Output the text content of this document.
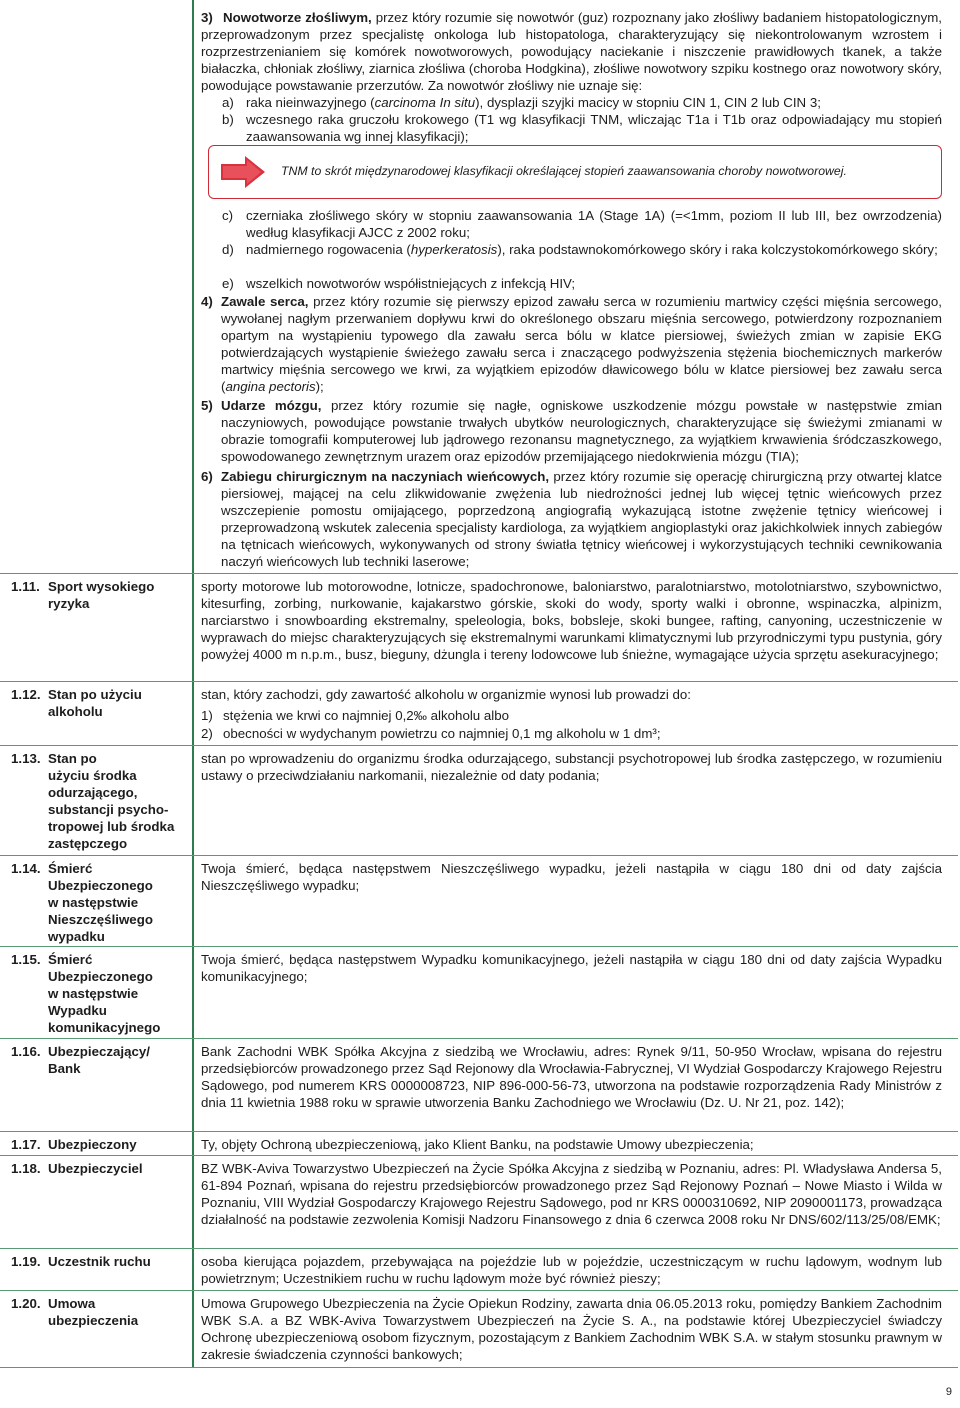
3) Nowotworze złośliwym, przez który rozumie się nowotwór (guz) rozpoznany jako złośliwy badaniem histopatologicznym, przeprowadzonym przez specjalistę onkologa lub histopatologa, charakteryzujący się niekontrolowanym wzrostem i rozprzestrzenianiem się komórek nowotworowych, powodujący naciekanie i niszczenie prawidłowych tkanek, a także białaczka, chłoniak złośliwy, ziarnica złośliwa (choroba Hodgkina), złośliwe nowotwory szpiku kostnego oraz nowotwory skóry, powodujące powstawanie przerzutów. Za nowotwór złośliwy nie uznaje się:

a) raka nieinwazyjnego (carcinoma In situ), dysplazji szyjki macicy w stopniu CIN 1, CIN 2 lub CIN 3;
b) wczesnego raka gruczołu krokowego (T1 wg klasyfikacji TNM, wliczając T1a i T1b oraz odpowiadający mu stopień zaawansowania wg innej klasyfikacji);
TNM to skrót międzynarodowej klasyfikacji określającej stopień zaawansowania choroby nowotworowej.
c) czerniaka złośliwego skóry w stopniu zaawansowania 1A (Stage 1A) (=<1mm, poziom II lub III, bez owrzodzenia) według klasyfikacji AJCC z 2002 roku;
d) nadmiernego rogowacenia (hyperkeratosis), raka podstawnokomórkowego skóry i raka kolczystokomórkowego skóry;
e) wszelkich nowotworów współistniejących z infekcją HIV;
4) Zawale serca, przez który rozumie się pierwszy epizod zawału serca w rozumieniu martwicy części mięśnia sercowego, wywołanej nagłym przerwaniem dopływu krwi do określonego obszaru mięśnia sercowego, potwierdzony rozpoznaniem opartym na wystąpieniu typowego dla zawału serca bólu w klatce piersiowej, świeżych zmian w zapisie EKG potwierdzających wystąpienie świeżego zawału serca i znaczącego podwyższenia stężenia biochemicznych markerów martwicy mięśnia sercowego we krwi, za wyjątkiem epizodów dławicowego bólu w klatce piersiowej bez zawału serca (angina pectoris);
5) Udarze mózgu, przez który rozumie się nagłe, ogniskowe uszkodzenie mózgu powstałe w następstwie zmian naczyniowych, powodujące powstanie trwałych ubytków neurologicznych, charakteryzujące się świeżymi zmianami w obrazie tomografii komputerowej lub jądrowego rezonansu magnetycznego, za wyjątkiem krwawienia śródczaszkowego, spowodowanego zewnętrznym urazem oraz epizodów przemijającego niedokrwienia mózgu (TIA);
6) Zabiegu chirurgicznym na naczyniach wieńcowych, przez który rozumie się operację chirurgiczną przy otwartej klatce piersiowej, mającej na celu zlikwidowanie zwężenia lub niedrożności jednej lub więcej tętnic wieńcowych przez wszczepienie pomostu omijającego, poprzedzoną angiografią wykazującą istotne zwężenie tętnicy wieńcowej i przeprowadzoną wskutek zalecenia specjalisty kardiologa, za wyjątkiem angioplastyki oraz jakichkolwiek innych zabiegów na tętnicach wieńcowych, wykonywanych od strony światła tętnicy wieńcowej i wykorzystujących techniki cewnikowania naczyń wieńcowych lub techniki laserowe;
1.11. Sport wysokiego
ryzyka

sporty motorowe lub motorowodne, lotnicze, spadochronowe, baloniarstwo, paralotniarstwo, motolotniarstwo, szybownictwo, kitesurfing, zorbing, nurkowanie, kajakarstwo górskie, skoki do wody, sporty walki i obronne, wspinaczka, alpinizm, narciarstwo i snowboarding ekstremalny, speleologia, boks, bobsleje, skoki bungee, rafting, canyoning, uczestniczenie w wyprawach do miejsc charakteryzujących się ekstremalnymi warunkami klimatycznymi lub przyrodniczymi typu pustynia, góry powyżej 4000 m n.p.m., busz, bieguny, dżungla i tereny lodowcowe lub śnieżne, wymagające użycia sprzętu asekuracyjnego;

1.12. Stan po użyciu
alkoholu

stan, który zachodzi, gdy zawartość alkoholu w organizmie wynosi lub prowadzi do:

1) stężenia we krwi co najmniej 0,2‰ alkoholu albo
2) obecności w wydychanym powietrzu co najmniej 0,1 mg alkoholu w 1 dm³;
1.13. Stan po
użyciu środka
odurzającego,
substancji psycho-
tropowej lub środka
zastępczego

stan po wprowadzeniu do organizmu środka odurzającego, substancji psychotropowej lub środka zastępczego, w rozumieniu ustawy o przeciwdziałaniu narkomanii, niezależnie od daty podania;

1.14. Śmierć
Ubezpieczonego
w następstwie
Nieszczęśliwego
wypadku

Twoja śmierć, będąca następstwem Nieszczęśliwego wypadku, jeżeli nastąpiła w ciągu 180 dni od daty zajścia Nieszczęśliwego wypadku;

1.15. Śmierć
Ubezpieczonego
w następstwie
Wypadku
komunikacyjnego

Twoja śmierć, będąca następstwem Wypadku komunikacyjnego, jeżeli nastąpiła w ciągu 180 dni od daty zajścia Wypadku komunikacyjnego;

1.16. Ubezpieczający/
Bank

Bank Zachodni WBK Spółka Akcyjna z siedzibą we Wrocławiu, adres: Rynek 9/11, 50-950 Wrocław, wpisana do rejestru przedsiębiorców prowadzonego przez Sąd Rejonowy dla Wrocławia-Fabrycznej, VI Wydział Gospodarczy Krajowego Rejestru Sądowego, pod numerem KRS 0000008723, NIP 896-000-56-73, utworzona na podstawie rozporządzenia Rady Ministrów z dnia 11 kwietnia 1988 roku w sprawie utworzenia Banku Zachodniego we Wrocławiu (Dz. U. Nr 21, poz. 142);

1.17. Ubezpieczony	Ty, objęty Ochroną ubezpieczeniową, jako Klient Banku, na podstawie Umowy ubezpieczenia;

1.18. Ubezpieczyciel	BZ WBK-Aviva Towarzystwo Ubezpieczeń na Życie Spółka Akcyjna z siedzibą w Poznaniu, adres: Pl. Władysława Andersa 5, 61-894 Poznań, wpisana do rejestru przedsiębiorców prowadzonego przez Sąd Rejonowy Poznań – Nowe Miasto i Wilda w Poznaniu, VIII Wydział Gospodarczy Krajowego Rejestru Sądowego, pod nr KRS 0000310692, NIP 2090001173, prowadząca działalność na podstawie zezwolenia Komisji Nadzoru Finansowego z dnia 6 czerwca 2008 roku Nr DNS/602/113/25/08/EMK;

1.19. Uczestnik ruchu	osoba kierująca pojazdem, przebywająca na pojeździe lub w pojeździe, uczestniczącym w ruchu lądowym, wodnym lub powietrznym; Uczestnikiem ruchu w ruchu lądowym może być również pieszy;

1.20. Umowa
ubezpieczenia

Umowa Grupowego Ubezpieczenia na Życie Opiekun Rodziny, zawarta dnia 06.05.2013 roku, pomiędzy Bankiem Zachodnim WBK S.A. a BZ WBK-Aviva Towarzystwem Ubezpieczeń na Życie S. A., na podstawie której Ubezpieczyciel świadczy Ochronę ubezpieczeniową osobom fizycznym, pozostającym z Bankiem Zachodnim WBK S.A. w stałym stosunku prawnym w zakresie świadczenia czynności bankowych;

9
